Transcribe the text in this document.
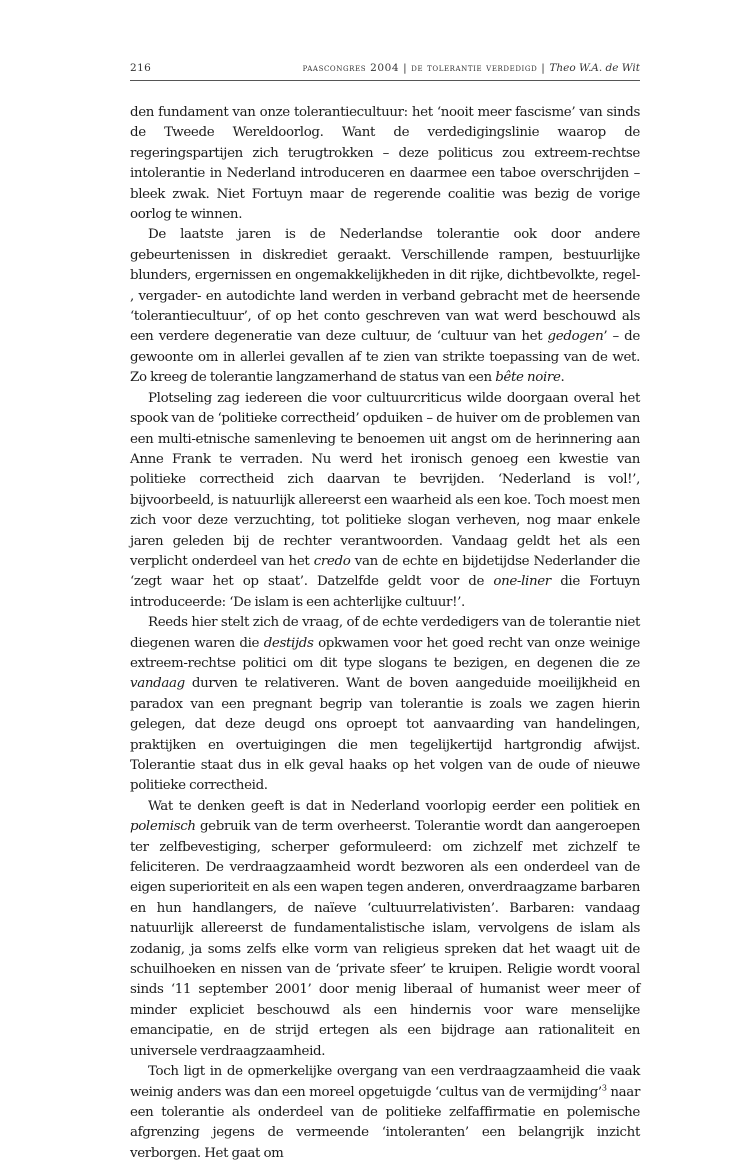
216	paascongres 2004 | de tolerantie verdedigd | Theo W.A. de Wit

den fundament van onze tolerantiecultuur: het ‘nooit meer fascisme’ van sinds de Tweede Wereldoorlog. Want de verdedigingslinie waarop de regeringspartijen zich terugtrokken – deze politicus zou extreem-rechtse intolerantie in Nederland introduceren en daarmee een taboe overschrijden – bleek zwak. Niet Fortuyn maar de regerende coalitie was bezig de vorige oorlog te winnen.

De laatste jaren is de Nederlandse tolerantie ook door andere gebeurtenissen in diskrediet geraakt. Verschillende rampen, bestuurlijke blunders, ergernissen en ongemakkelijkheden in dit rijke, dichtbevolkte, regel- , vergader- en autodichte land werden in verband gebracht met de heersende ‘tolerantiecultuur’, of op het conto geschreven van wat werd beschouwd als een verdere degeneratie van deze cultuur, de ‘cultuur van het gedogen’ – de gewoonte om in allerlei gevallen af te zien van strikte toepassing van de wet. Zo kreeg de tolerantie langzamerhand de status van een bête noire.

Plotseling zag iedereen die voor cultuurcriticus wilde doorgaan overal het spook van de ‘politieke correctheid’ opduiken – de huiver om de problemen van een multi-etnische samenleving te benoemen uit angst om de herinnering aan Anne Frank te verraden. Nu werd het ironisch genoeg een kwestie van politieke correctheid zich daarvan te bevrijden. ‘Nederland is vol!’, bijvoorbeeld, is natuurlijk allereerst een waarheid als een koe. Toch moest men zich voor deze verzuchting, tot politieke slogan verheven, nog maar enkele jaren geleden bij de rechter verantwoorden. Vandaag geldt het als een verplicht onderdeel van het credo van de echte en bijdetijdse Nederlander die ‘zegt waar het op staat’. Datzelfde geldt voor de one-liner die Fortuyn introduceerde: ‘De islam is een achterlijke cultuur!’.

Reeds hier stelt zich de vraag, of de echte verdedigers van de tolerantie niet diegenen waren die destijds opkwamen voor het goed recht van onze weinige extreem-rechtse politici om dit type slogans te bezigen, en degenen die ze vandaag durven te relativeren. Want de boven aangeduide moeilijkheid en paradox van een pregnant begrip van tolerantie is zoals we zagen hierin gelegen, dat deze deugd ons oproept tot aanvaarding van handelingen, praktijken en overtuigingen die men tegelijkertijd hartgrondig afwijst. Tolerantie staat dus in elk geval haaks op het volgen van de oude of nieuwe politieke correctheid.

Wat te denken geeft is dat in Nederland voorlopig eerder een politiek en polemisch gebruik van de term overheerst. Tolerantie wordt dan aangeroepen ter zelfbevestiging, scherper geformuleerd: om zichzelf met zichzelf te feliciteren. De verdraagzaamheid wordt bezworen als een onderdeel van de eigen superioriteit en als een wapen tegen anderen, onverdraagzame barbaren en hun handlangers, de naïeve ‘cultuurrelativisten’. Barbaren: vandaag natuurlijk allereerst de fundamentalistische islam, vervolgens de islam als zodanig, ja soms zelfs elke vorm van religieus spreken dat het waagt uit de schuilhoeken en nissen van de ‘private sfeer’ te kruipen. Religie wordt vooral sinds ‘11 september 2001’ door menig liberaal of humanist weer meer of minder expliciet beschouwd als een hindernis voor ware menselijke emancipatie, en de strijd ertegen als een bijdrage aan rationaliteit en universele verdraagzaamheid.

Toch ligt in de opmerkelijke overgang van een verdraagzaamheid die vaak weinig anders was dan een moreel opgetuigde ‘cultus van de vermijding’$^3$ naar een tolerantie als onderdeel van de politieke zelfaffirmatie en polemische afgrenzing jegens de vermeende ‘intoleranten’ een belangrijk inzicht verborgen. Het gaat om
